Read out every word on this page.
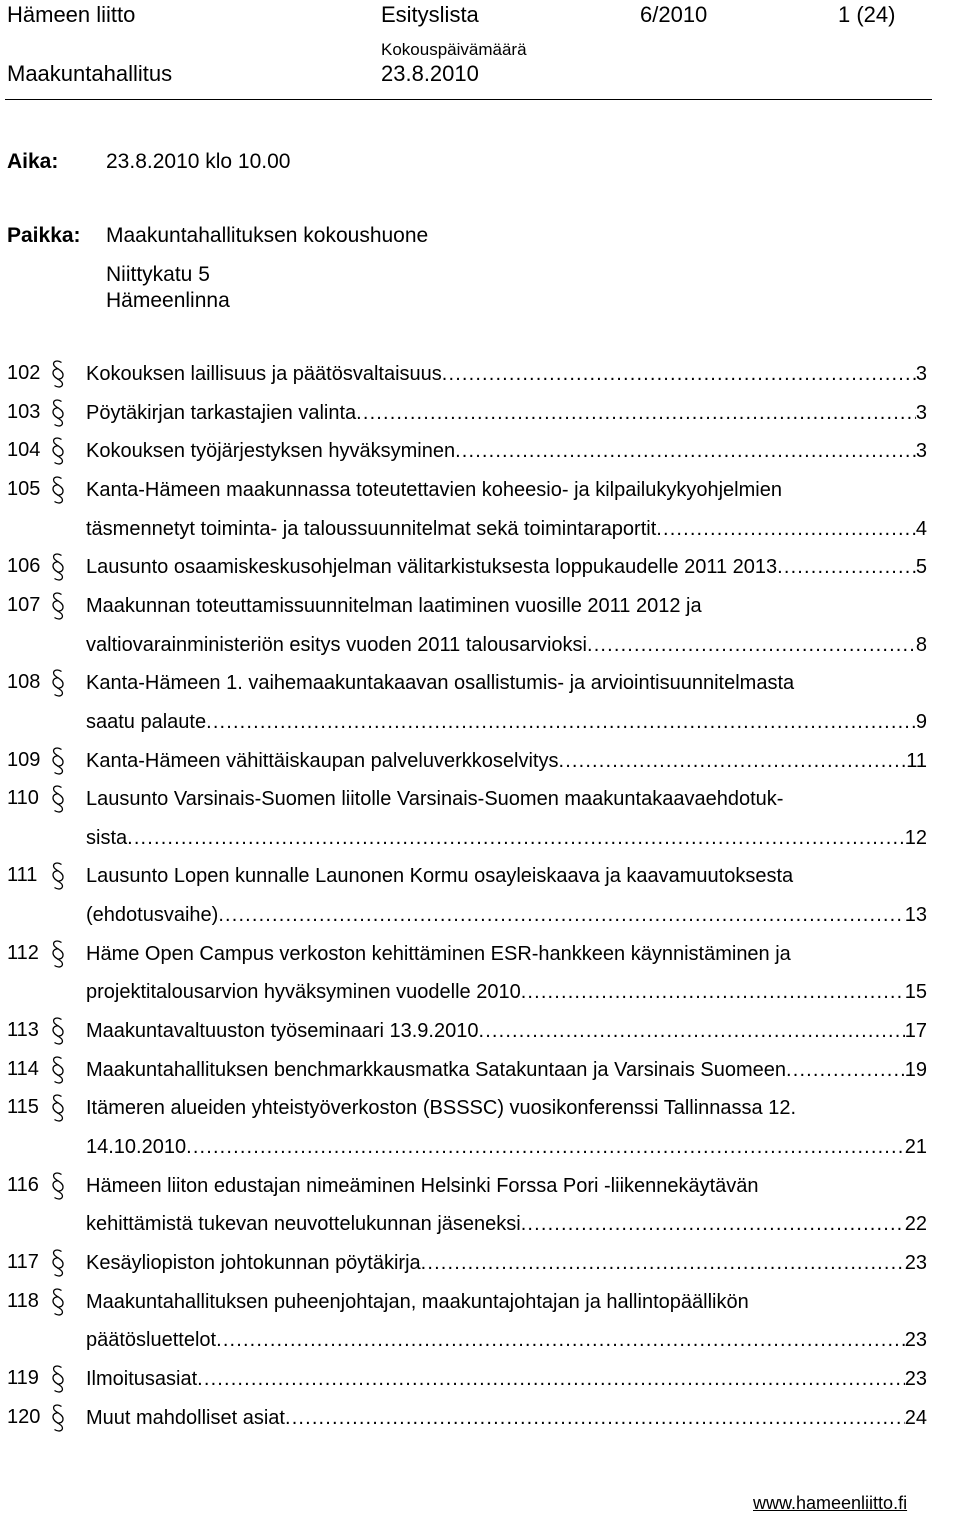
Hämeen liitto	Esityslista	6/2010	1 (24)
Kokouspäivämäärä
Maakuntahallitus	23.8.2010
Aika: 23.8.2010 klo 10.00
Paikka: Maakuntahallituksen kokoushuone
Niittykatu 5
Hämeenlinna
102 Kokouksen laillisuus ja päätösvaltaisuus . . .	3
103 Pöytäkirjan tarkastajien valinta . . .	3
104 Kokouksen työjärjestyksen hyväksyminen . . .	3
105 Kanta-Hämeen maakunnassa toteutettavien koheesio- ja kilpailukykyohjelmien
täsmennetyt toiminta- ja taloussuunnitelmat sekä toimintaraportit . . .	4
106 Lausunto osaamiskeskusohjelman välitarkistuksesta loppukaudelle 2011 2013 . . .	5
107 Maakunnan toteuttamissuunnitelman laatiminen vuosille 2011 2012 ja
valtiovarainministeriön esitys vuoden 2011 talousarvioksi . . .	8
108 Kanta-Hämeen 1. vaihemaakuntakaavan osallistumis- ja arviointisuunnitelmasta
saatu palaute . . .	9
109 Kanta-Hämeen vähittäiskaupan palveluverkkoselvitys . . .	11
110 Lausunto Varsinais-Suomen liitolle Varsinais-Suomen maakuntakaavaehdotuk-
sista . . .	12
111 Lausunto Lopen kunnalle Launonen Kormu osayleiskaava ja kaavamuutoksesta
(ehdotusvaihe) . . .	13
112 Häme Open Campus verkoston kehittäminen ESR-hankkeen käynnistäminen ja
projektitalousarvion hyväksyminen vuodelle 2010 . . .	15
113 Maakuntavaltuuston työseminaari 13.9.2010 . . .	17
114 Maakuntahallituksen benchmarkkausmatka Satakuntaan ja Varsinais Suomeen . . .	19
115 Itämeren alueiden yhteistyöverkoston (BSSSC) vuosikonferenssi Tallinnassa 12.
14.10.2010 . . .	21
116 Hämeen liiton edustajan nimeäminen Helsinki Forssa Pori -liikennekäytävän
kehittämistä tukevan neuvottelukunnan jäseneksi . . .	22
117 Kesäyliopiston johtokunnan pöytäkirja . . .	23
118 Maakuntahallituksen puheenjohtajan, maakuntajohtajan ja hallintopäällikön
päätösluettelot . . .	23
119 Ilmoitusasiat . . .	23
120 Muut mahdolliset asiat . . .	24
www.hameenliitto.fi
